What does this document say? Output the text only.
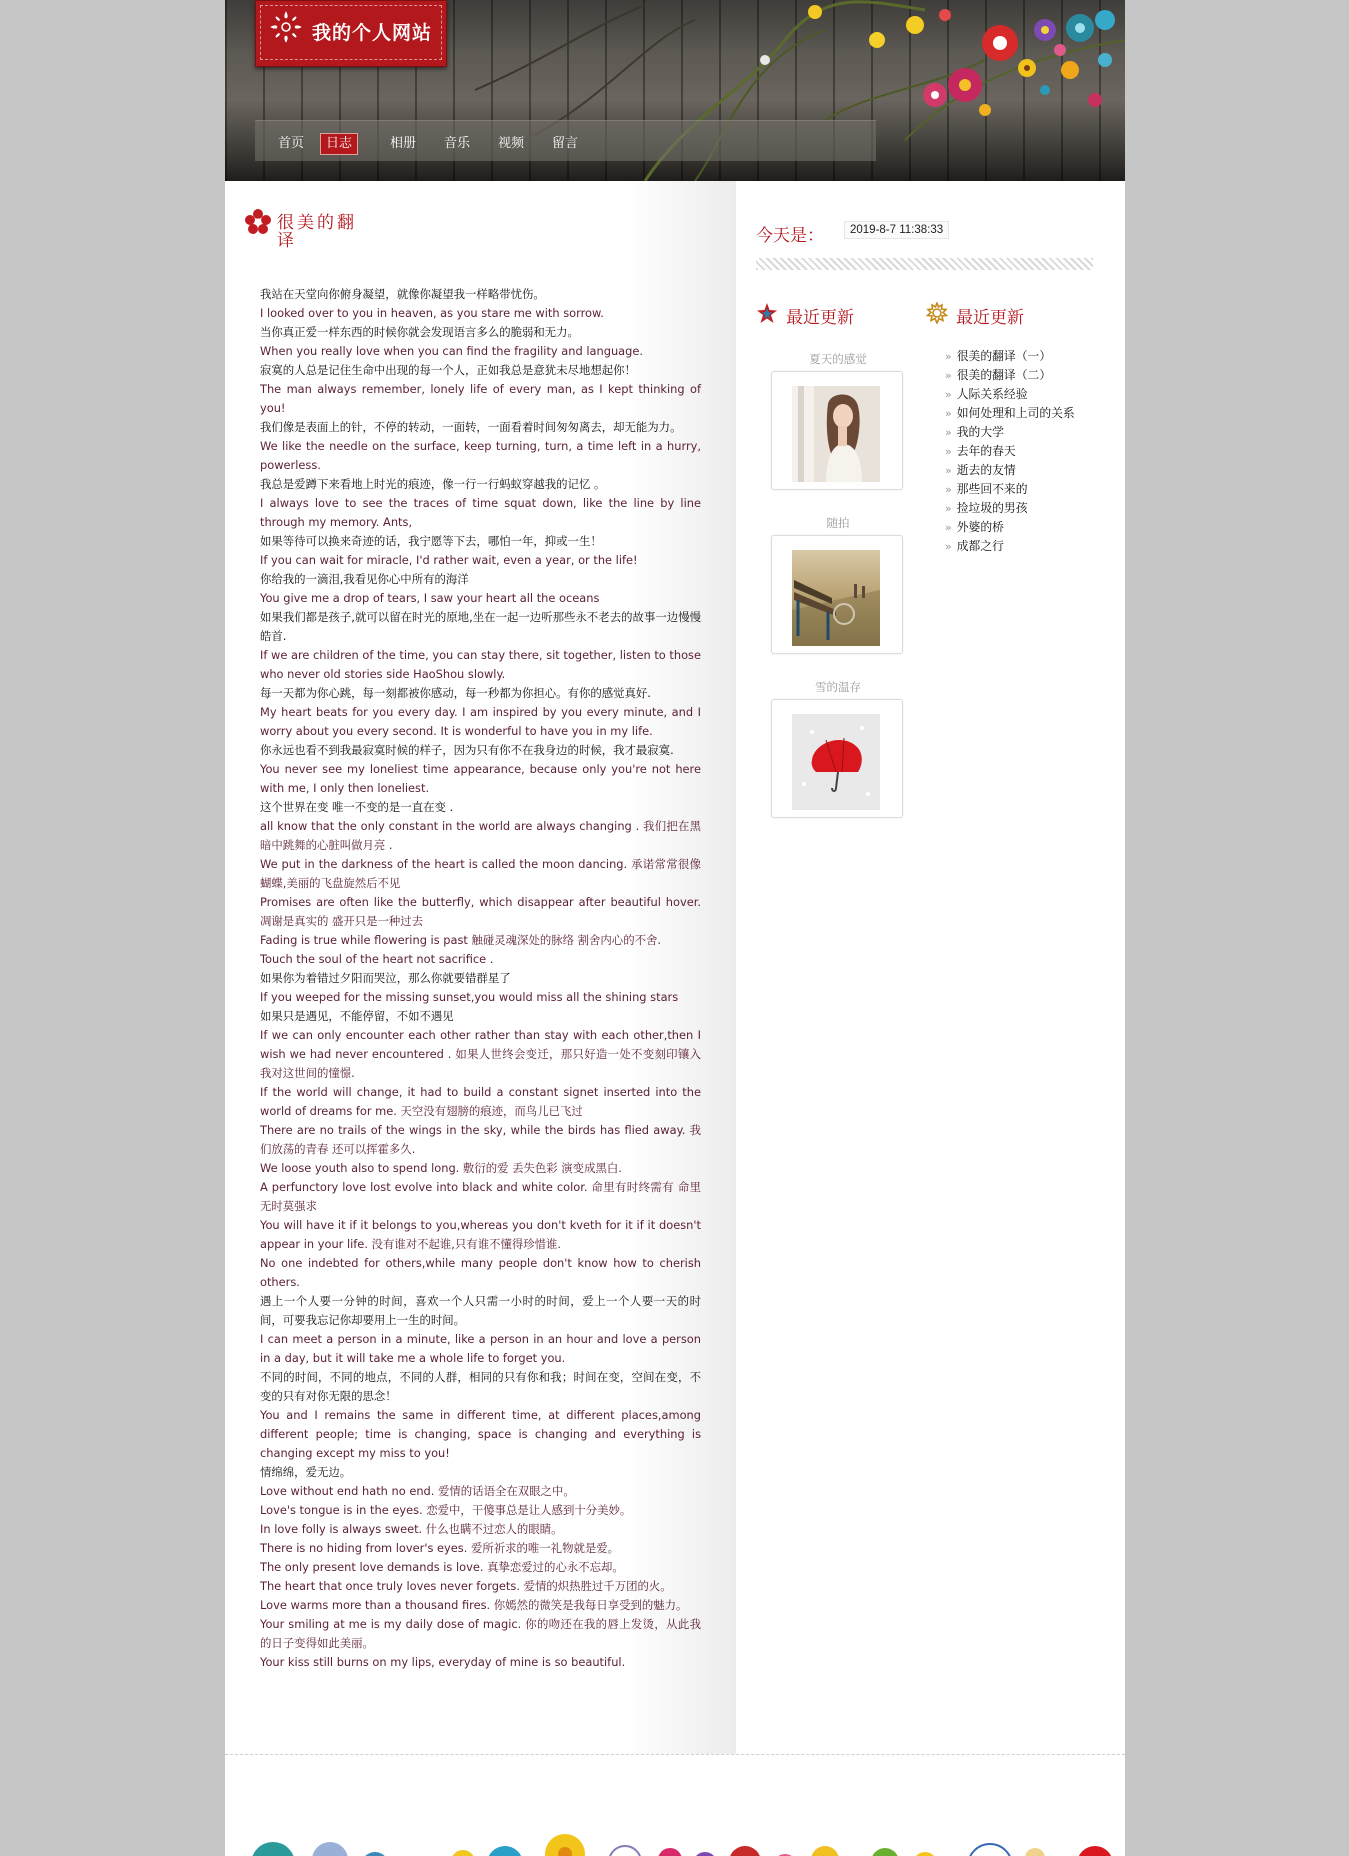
我的个人网站
首页	日志	相册	音乐	视频	留言
很美的翻译

我站在天堂向你俯身凝望，就像你凝望我一样略带忧伤。

I looked over to you in heaven, as you stare me with sorrow.

当你真正爱一样东西的时候你就会发现语言多么的脆弱和无力。

When you really love when you can find the fragility and language.

寂寞的人总是记住生命中出现的每一个人，正如我总是意犹未尽地想起你！

The man always remember, lonely life of every man, as I kept thinking of you!

我们像是表面上的针，不停的转动，一面转，一面看着时间匆匆离去，却无能为力。

We like the needle on the surface, keep turning, turn, a time left in a hurry, powerless.

我总是爱蹲下来看地上时光的痕迹，像一行一行蚂蚁穿越我的记忆 。

I always love to see the traces of time squat down, like the line by line through my memory. Ants,

如果等待可以换来奇迹的话，我宁愿等下去，哪怕一年，抑或一生！

If you can wait for miracle, I'd rather wait, even a year, or the life!

你给我的一滴泪,我看见你心中所有的海洋

You give me a drop of tears, I saw your heart all the oceans

如果我们都是孩子,就可以留在时光的原地,坐在一起一边听那些永不老去的故事一边慢慢皓首.

If we are children of the time, you can stay there, sit together, listen to those who never old stories side HaoShou slowly.

每一天都为你心跳，每一刻都被你感动，每一秒都为你担心。有你的感觉真好.

My heart beats for you every day. I am inspired by you every minute, and I worry about you every second. It is wonderful to have you in my life.

你永远也看不到我最寂寞时候的样子，因为只有你不在我身边的时候，我才最寂寞.

You never see my loneliest time appearance, because only you're not here with me, I only then loneliest.

这个世界在变 唯一不变的是一直在变 .

all know that the only constant in the world are always changing . 我们把在黑暗中跳舞的心脏叫做月亮 .

We put in the darkness of the heart is called the moon dancing. 承诺常常很像蝴蝶,美丽的飞盘旋然后不见

Promises are often like the butterfly, which disappear after beautiful hover. 凋谢是真实的 盛开只是一种过去

Fading is true while flowering is past 触碰灵魂深处的脉络 割舍内心的不舍.

Touch the soul of the heart not sacrifice .

如果你为着错过夕阳而哭泣，那么你就要错群星了

If you weeped for the missing sunset,you would miss all the shining stars

如果只是遇见，不能停留，不如不遇见

If we can only encounter each other rather than stay with each other,then I wish we had never encountered . 如果人世终会变迁，那只好造一处不变刻印镶入我对这世间的憧憬.

If the world will change, it had to build a constant signet inserted into the world of dreams for me. 天空没有翅膀的痕迹，而鸟儿已飞过

There are no trails of the wings in the sky, while the birds has flied away. 我们放荡的青春 还可以挥霍多久.

We loose youth also to spend long. 敷衍的爱 丢失色彩 演变成黑白.

A perfunctory love lost evolve into black and white color. 命里有时终需有 命里无时莫强求

You will have it if it belongs to you,whereas you don't kveth for it if it doesn't appear in your life. 没有谁对不起谁,只有谁不懂得珍惜谁.

No one indebted for others,while many people don't know how to cherish others.

遇上一个人要一分钟的时间，喜欢一个人只需一小时的时间，爱上一个人要一天的时间，可要我忘记你却要用上一生的时间。

I can meet a person in a minute, like a person in an hour and love a person in a day, but it will take me a whole life to forget you.

不同的时间，不同的地点，不同的人群，相同的只有你和我；时间在变，空间在变，不变的只有对你无限的思念！

You and I remains the same in different time, at different places,among different people; time is changing, space is changing and everything is changing except my miss to you!

情绵绵，爱无边。

Love without end hath no end. 爱情的话语全在双眼之中。

Love's tongue is in the eyes. 恋爱中，干傻事总是让人感到十分美妙。

In love folly is always sweet. 什么也瞒不过恋人的眼睛。

There is no hiding from lover's eyes. 爱所祈求的唯一礼物就是爱。

The only present love demands is love. 真挚恋爱过的心永不忘却。

The heart that once truly loves never forgets. 爱情的炽热胜过千万团的火。

Love warms more than a thousand fires. 你嫣然的微笑是我每日享受到的魅力。

Your smiling at me is my daily dose of magic. 你的吻还在我的唇上发烫，从此我的日子变得如此美丽。

Your kiss still burns on my lips, everyday of mine is so beautiful.

今天是：	2019-8-7 11:38:33
最近更新	最近更新
夏天的感觉
随拍
雪的温存
» 很美的翻译（一）
» 很美的翻译（二）
» 人际关系经验
» 如何处理和上司的关系
» 我的大学
» 去年的春天
» 逝去的友情
» 那些回不来的
» 捡垃圾的男孩
» 外婆的桥
» 成都之行
